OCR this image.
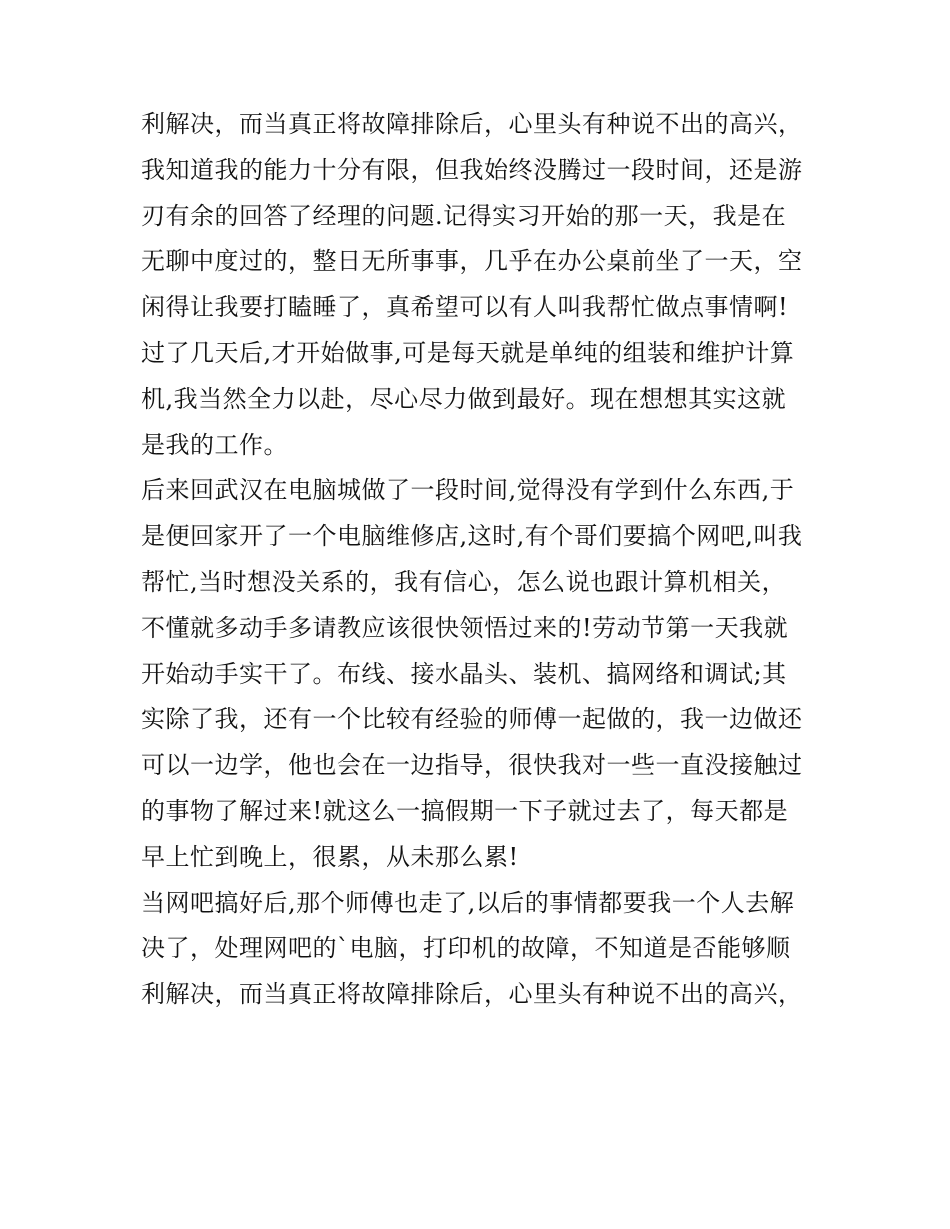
利解决，而当真正将故障排除后，心里头有种说不出的高兴，
我知道我的能力十分有限，但我始终没腾过一段时间，还是游
刃有余的回答了经理的问题.记得实习开始的那一天，我是在
无聊中度过的，整日无所事事，几乎在办公桌前坐了一天，空
闲得让我要打瞌睡了，真希望可以有人叫我帮忙做点事情啊!
过了几天后,才开始做事,可是每天就是单纯的组装和维护计算
机,我当然全力以赴，尽心尽力做到最好。现在想想其实这就
是我的工作。
后来回武汉在电脑城做了一段时间,觉得没有学到什么东西,于
是便回家开了一个电脑维修店,这时,有个哥们要搞个网吧,叫我
帮忙,当时想没关系的，我有信心，怎么说也跟计算机相关，
不懂就多动手多请教应该很快领悟过来的!劳动节第一天我就
开始动手实干了。布线、接水晶头、装机、搞网络和调试;其
实除了我，还有一个比较有经验的师傅一起做的，我一边做还
可以一边学，他也会在一边指导，很快我对一些一直没接触过
的事物了解过来!就这么一搞假期一下子就过去了，每天都是
早上忙到晚上，很累，从未那么累!
当网吧搞好后,那个师傅也走了,以后的事情都要我一个人去解
决了，处理网吧的`电脑，打印机的故障，不知道是否能够顺
利解决，而当真正将故障排除后，心里头有种说不出的高兴，
